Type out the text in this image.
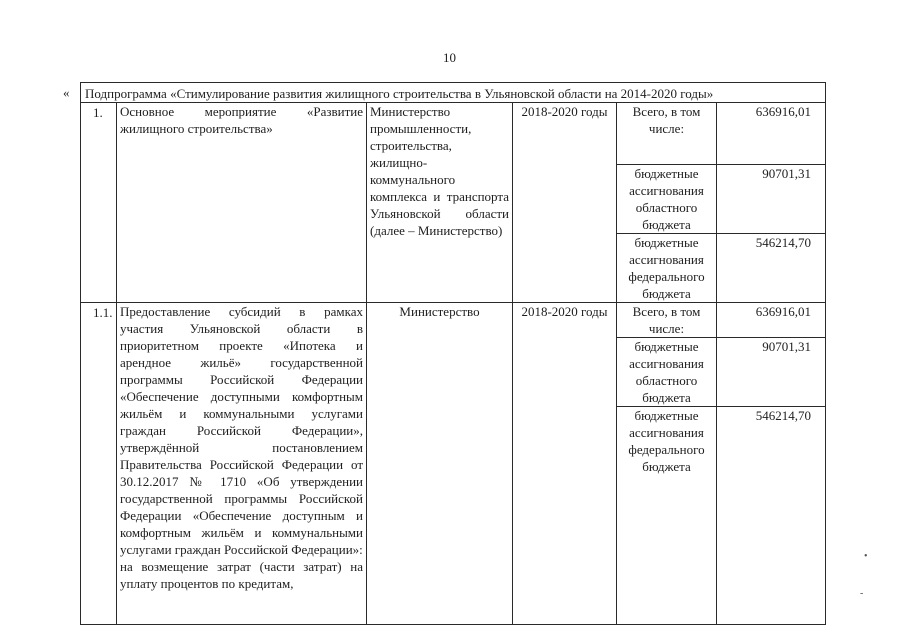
10
« Подпрограмма «Стимулирование развития жилищного строительства в Ульяновской области на 2014-2020 годы»					
1.	Основное мероприятие «Развитие жилищного строительства»	Министерство промышленности, строительства, жилищно-коммунального комплекса и транспорта Ульяновской области (далее – Министерство)	2018-2020 годы	Всего, в том числе:	636916,01
				бюджетные ассигнования областного бюджета	90701,31
				бюджетные ассигнования федерального бюджета	546214,70
1.1.	Предоставление субсидий в рамках участия Ульяновской области в приоритетном проекте «Ипотека и арендное жильё» государственной программы Российской Федерации «Обеспечение доступными комфортным жильём и коммунальными услугами граждан Российской Федерации», утверждённой постановлением Правительства Российской Федерации от 30.12.2017 № 1710 «Об утверждении государственной программы Российской Федерации «Обеспечение доступным и комфортным жильём и коммунальными услугами граждан Российской Федерации»:
на возмещение затрат (части затрат) на уплату процентов по кредитам,	Министерство	2018-2020 годы	Всего, в том числе:	636916,01
				бюджетные ассигнования областного бюджета	90701,31
				бюджетные ассигнования федерального бюджета	546214,70
•
-
